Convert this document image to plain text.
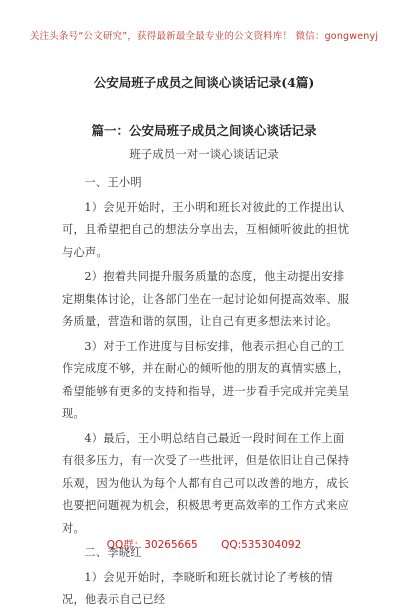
关注头条号“公文研究”，获得最新最全最专业的公文资料库！ 微信：gongwenyj
公安局班子成员之间谈心谈话记录(4篇)
篇一：公安局班子成员之间谈心谈话记录
班子成员一对一谈心谈话记录

一、王小明

1）会见开始时，王小明和班长对彼此的工作提出认可，且希望把自己的想法分享出去，互相倾听彼此的担忧与心声。

2）抱着共同提升服务质量的态度，他主动提出安排定期集体讨论，让各部门坐在一起讨论如何提高效率、服务质量，营造和谐的氛围，让自己有更多想法来讨论。

3）对于工作进度与目标安排，他表示担心自己的工作完成度不够，并在耐心的倾听他的朋友的真情实感上，希望能够有更多的支持和指导，进一步看手完成并完美呈现。

4）最后，王小明总结自己最近一段时间在工作上面有很多压力，有一次受了一些批评，但是依旧让自己保持乐观，因为他认为每个人都有自己可以改善的地方，成长也要把问题视为机会，积极思考更高效率的工作方式来应对。

二、李晓红

1）会见开始时，李晓昕和班长就讨论了考核的情况，他表示自己已经

QQ群：30265665 QQ:535304092
